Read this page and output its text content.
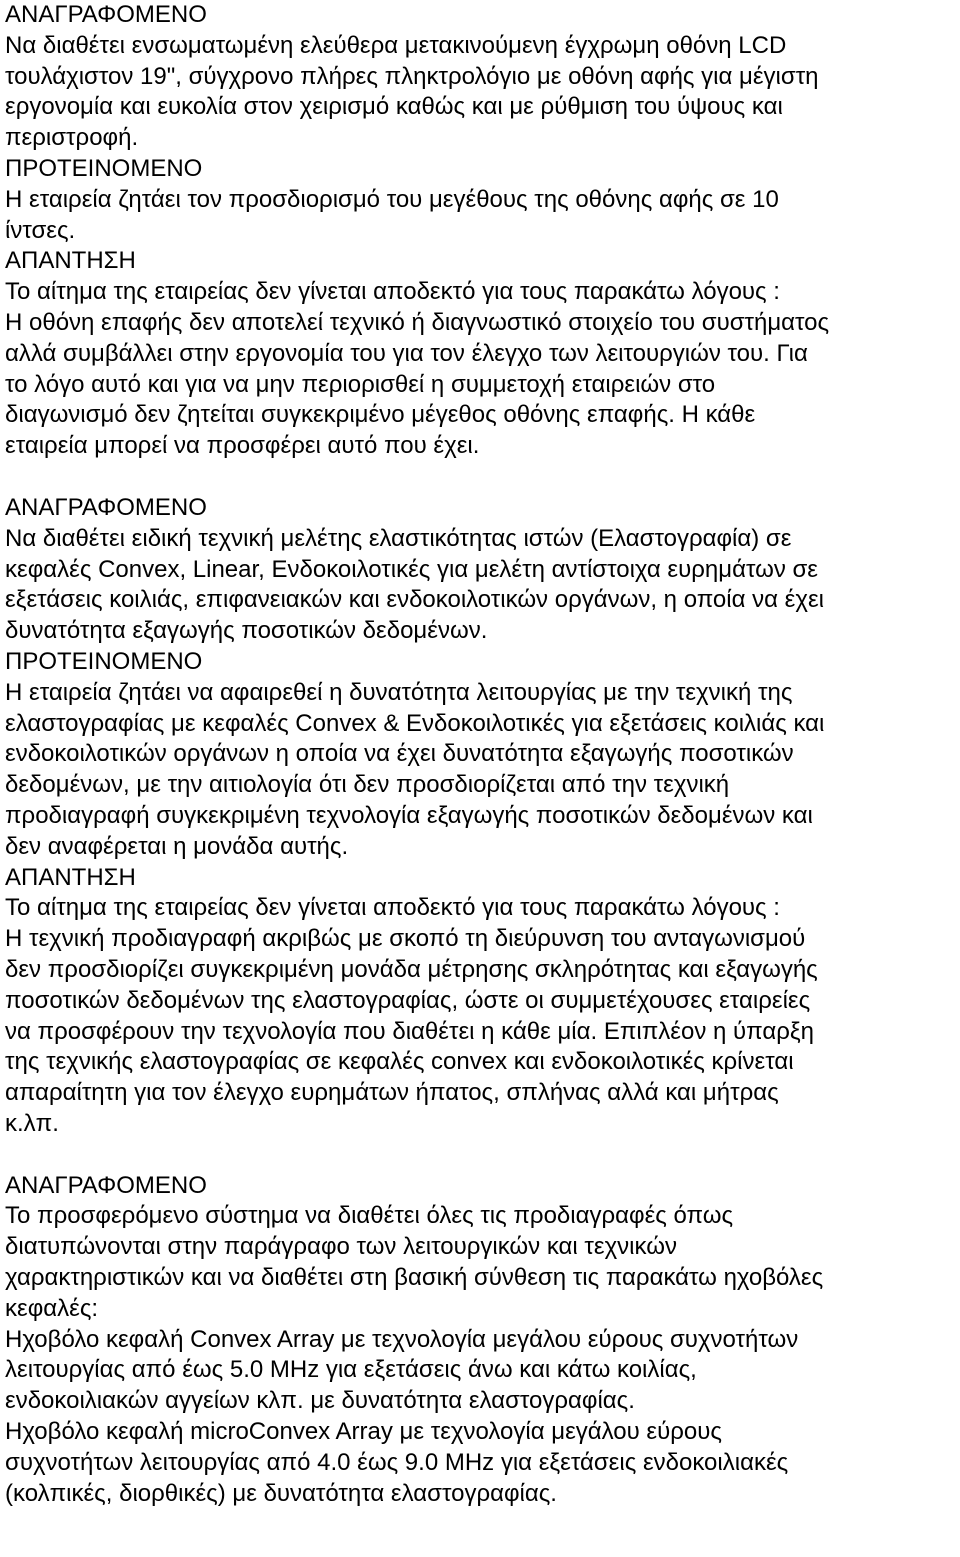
ΑΝΑΓΡΑΦΟΜΕΝΟ
Να διαθέτει ενσωματωμένη ελεύθερα μετακινούμενη έγχρωμη οθόνη LCD
τουλάχιστον 19", σύγχρονο πλήρες πληκτρολόγιο με οθόνη αφής για μέγιστη
εργονομία και ευκολία στον χειρισμό καθώς και με ρύθμιση του ύψους και
περιστροφή.
ΠΡΟΤΕΙΝΟΜΕΝΟ
Η εταιρεία ζητάει τον προσδιορισμό του μεγέθους της οθόνης αφής σε 10
ίντσες.
ΑΠΑΝΤΗΣΗ
Το αίτημα της εταιρείας δεν γίνεται αποδεκτό για τους παρακάτω λόγους :
Η οθόνη επαφής δεν αποτελεί τεχνικό ή διαγνωστικό στοιχείο του συστήματος
αλλά συμβάλλει στην εργονομία του για τον έλεγχο των λειτουργιών του. Για
το λόγο αυτό και για να μην περιορισθεί η συμμετοχή εταιρειών στο
διαγωνισμό δεν ζητείται συγκεκριμένο μέγεθος οθόνης επαφής. Η κάθε
εταιρεία μπορεί να προσφέρει αυτό που έχει.
ΑΝΑΓΡΑΦΟΜΕΝΟ
Να διαθέτει ειδική τεχνική μελέτης ελαστικότητας ιστών (Ελαστογραφία) σε
κεφαλές Convex, Linear, Ενδοκοιλοτικές για μελέτη αντίστοιχα ευρημάτων σε
εξετάσεις κοιλιάς, επιφανειακών και ενδοκοιλοτικών οργάνων, η οποία να έχει
δυνατότητα εξαγωγής ποσοτικών δεδομένων.
ΠΡΟΤΕΙΝΟΜΕΝΟ
Η εταιρεία ζητάει να αφαιρεθεί η δυνατότητα λειτουργίας με την τεχνική της
ελαστογραφίας με κεφαλές Convex & Ενδοκοιλοτικές για εξετάσεις κοιλιάς και
ενδοκοιλοτικών οργάνων η οποία να έχει δυνατότητα εξαγωγής ποσοτικών
δεδομένων, με την αιτιολογία ότι δεν προσδιορίζεται από την τεχνική
προδιαγραφή συγκεκριμένη τεχνολογία εξαγωγής ποσοτικών δεδομένων και
δεν αναφέρεται η μονάδα αυτής.
ΑΠΑΝΤΗΣΗ
Το αίτημα της εταιρείας δεν γίνεται αποδεκτό για τους παρακάτω λόγους :
Η τεχνική προδιαγραφή ακριβώς με σκοπό τη διεύρυνση του ανταγωνισμού
δεν προσδιορίζει συγκεκριμένη μονάδα μέτρησης σκληρότητας και εξαγωγής
ποσοτικών δεδομένων της ελαστογραφίας, ώστε οι συμμετέχουσες εταιρείες
να προσφέρουν την τεχνολογία που διαθέτει η κάθε μία. Επιπλέον η ύπαρξη
της τεχνικής ελαστογραφίας σε κεφαλές convex και ενδοκοιλοτικές κρίνεται
απαραίτητη για τον έλεγχο ευρημάτων ήπατος, σπλήνας αλλά και μήτρας
κ.λπ.
ΑΝΑΓΡΑΦΟΜΕΝΟ
Το προσφερόμενο σύστημα να διαθέτει όλες τις προδιαγραφές όπως
διατυπώνονται στην παράγραφο των λειτουργικών και τεχνικών
χαρακτηριστικών και να διαθέτει στη βασική σύνθεση τις παρακάτω ηχοβόλες
κεφαλές:
Ηχοβόλο κεφαλή Convex Array με τεχνολογία μεγάλου εύρους συχνοτήτων
λειτουργίας από έως 5.0 MHz για εξετάσεις άνω και κάτω κοιλίας,
ενδοκοιλιακών αγγείων κλπ. με δυνατότητα ελαστογραφίας.
Ηχοβόλο κεφαλή microConvex Array με τεχνολογία μεγάλου εύρους
συχνοτήτων λειτουργίας από 4.0 έως 9.0 MHz για εξετάσεις ενδοκοιλιακές
(κολπικές, διορθικές) με δυνατότητα ελαστογραφίας.
